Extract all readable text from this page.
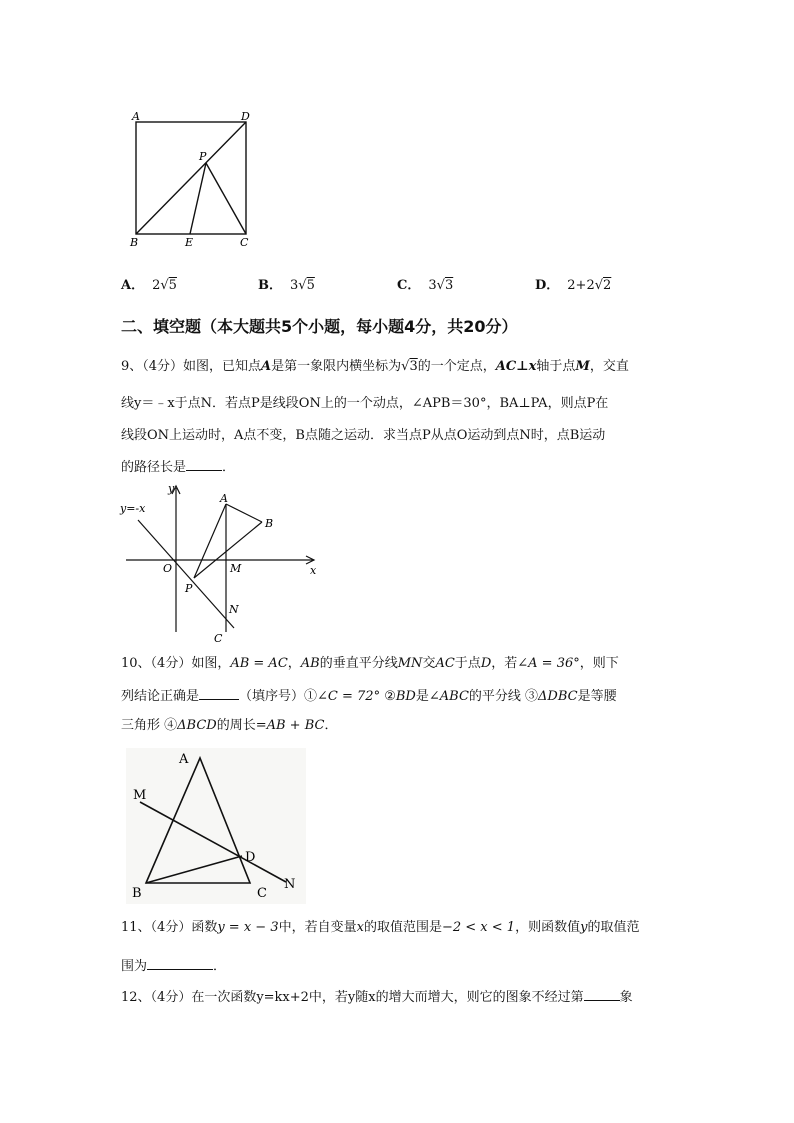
A	D
P
B	E	C
A． 2√5	B． 3√5	C． 3√3	D． 2+2√2
二、填空题（本大题共5个小题，每小题4分，共20分）
9、（4分）如图，已知点A是第一象限内横坐标为√3的一个定点，AC⊥x轴于点M，交直
线y＝﹣x于点N．若点P是线段ON上的一个动点，∠APB＝30°，BA⊥PA，则点P在
线段ON上运动时，A点不变，B点随之运动．求当点P从点O运动到点N时，点B运动
的路径长是	．
y
y=-x
A
B
O	M	x
P
N
C
10、（4分）如图，AB = AC，AB的垂直平分线MN交AC于点D，若∠A = 36°，则下
列结论正确是	（填序号）①∠C = 72° ②BD是∠ABC的平分线 ③ΔDBC是等腰
三角形 ④ΔBCD的周长=AB + BC．
A
M
D
B	C
N
11、（4分）函数y = x − 3中，若自变量x的取值范围是−2 < x < 1，则函数值y的取值范
围为	．
12、（4分）在一次函数y=kx+2中，若y随x的增大而增大，则它的图象不经过第	象
